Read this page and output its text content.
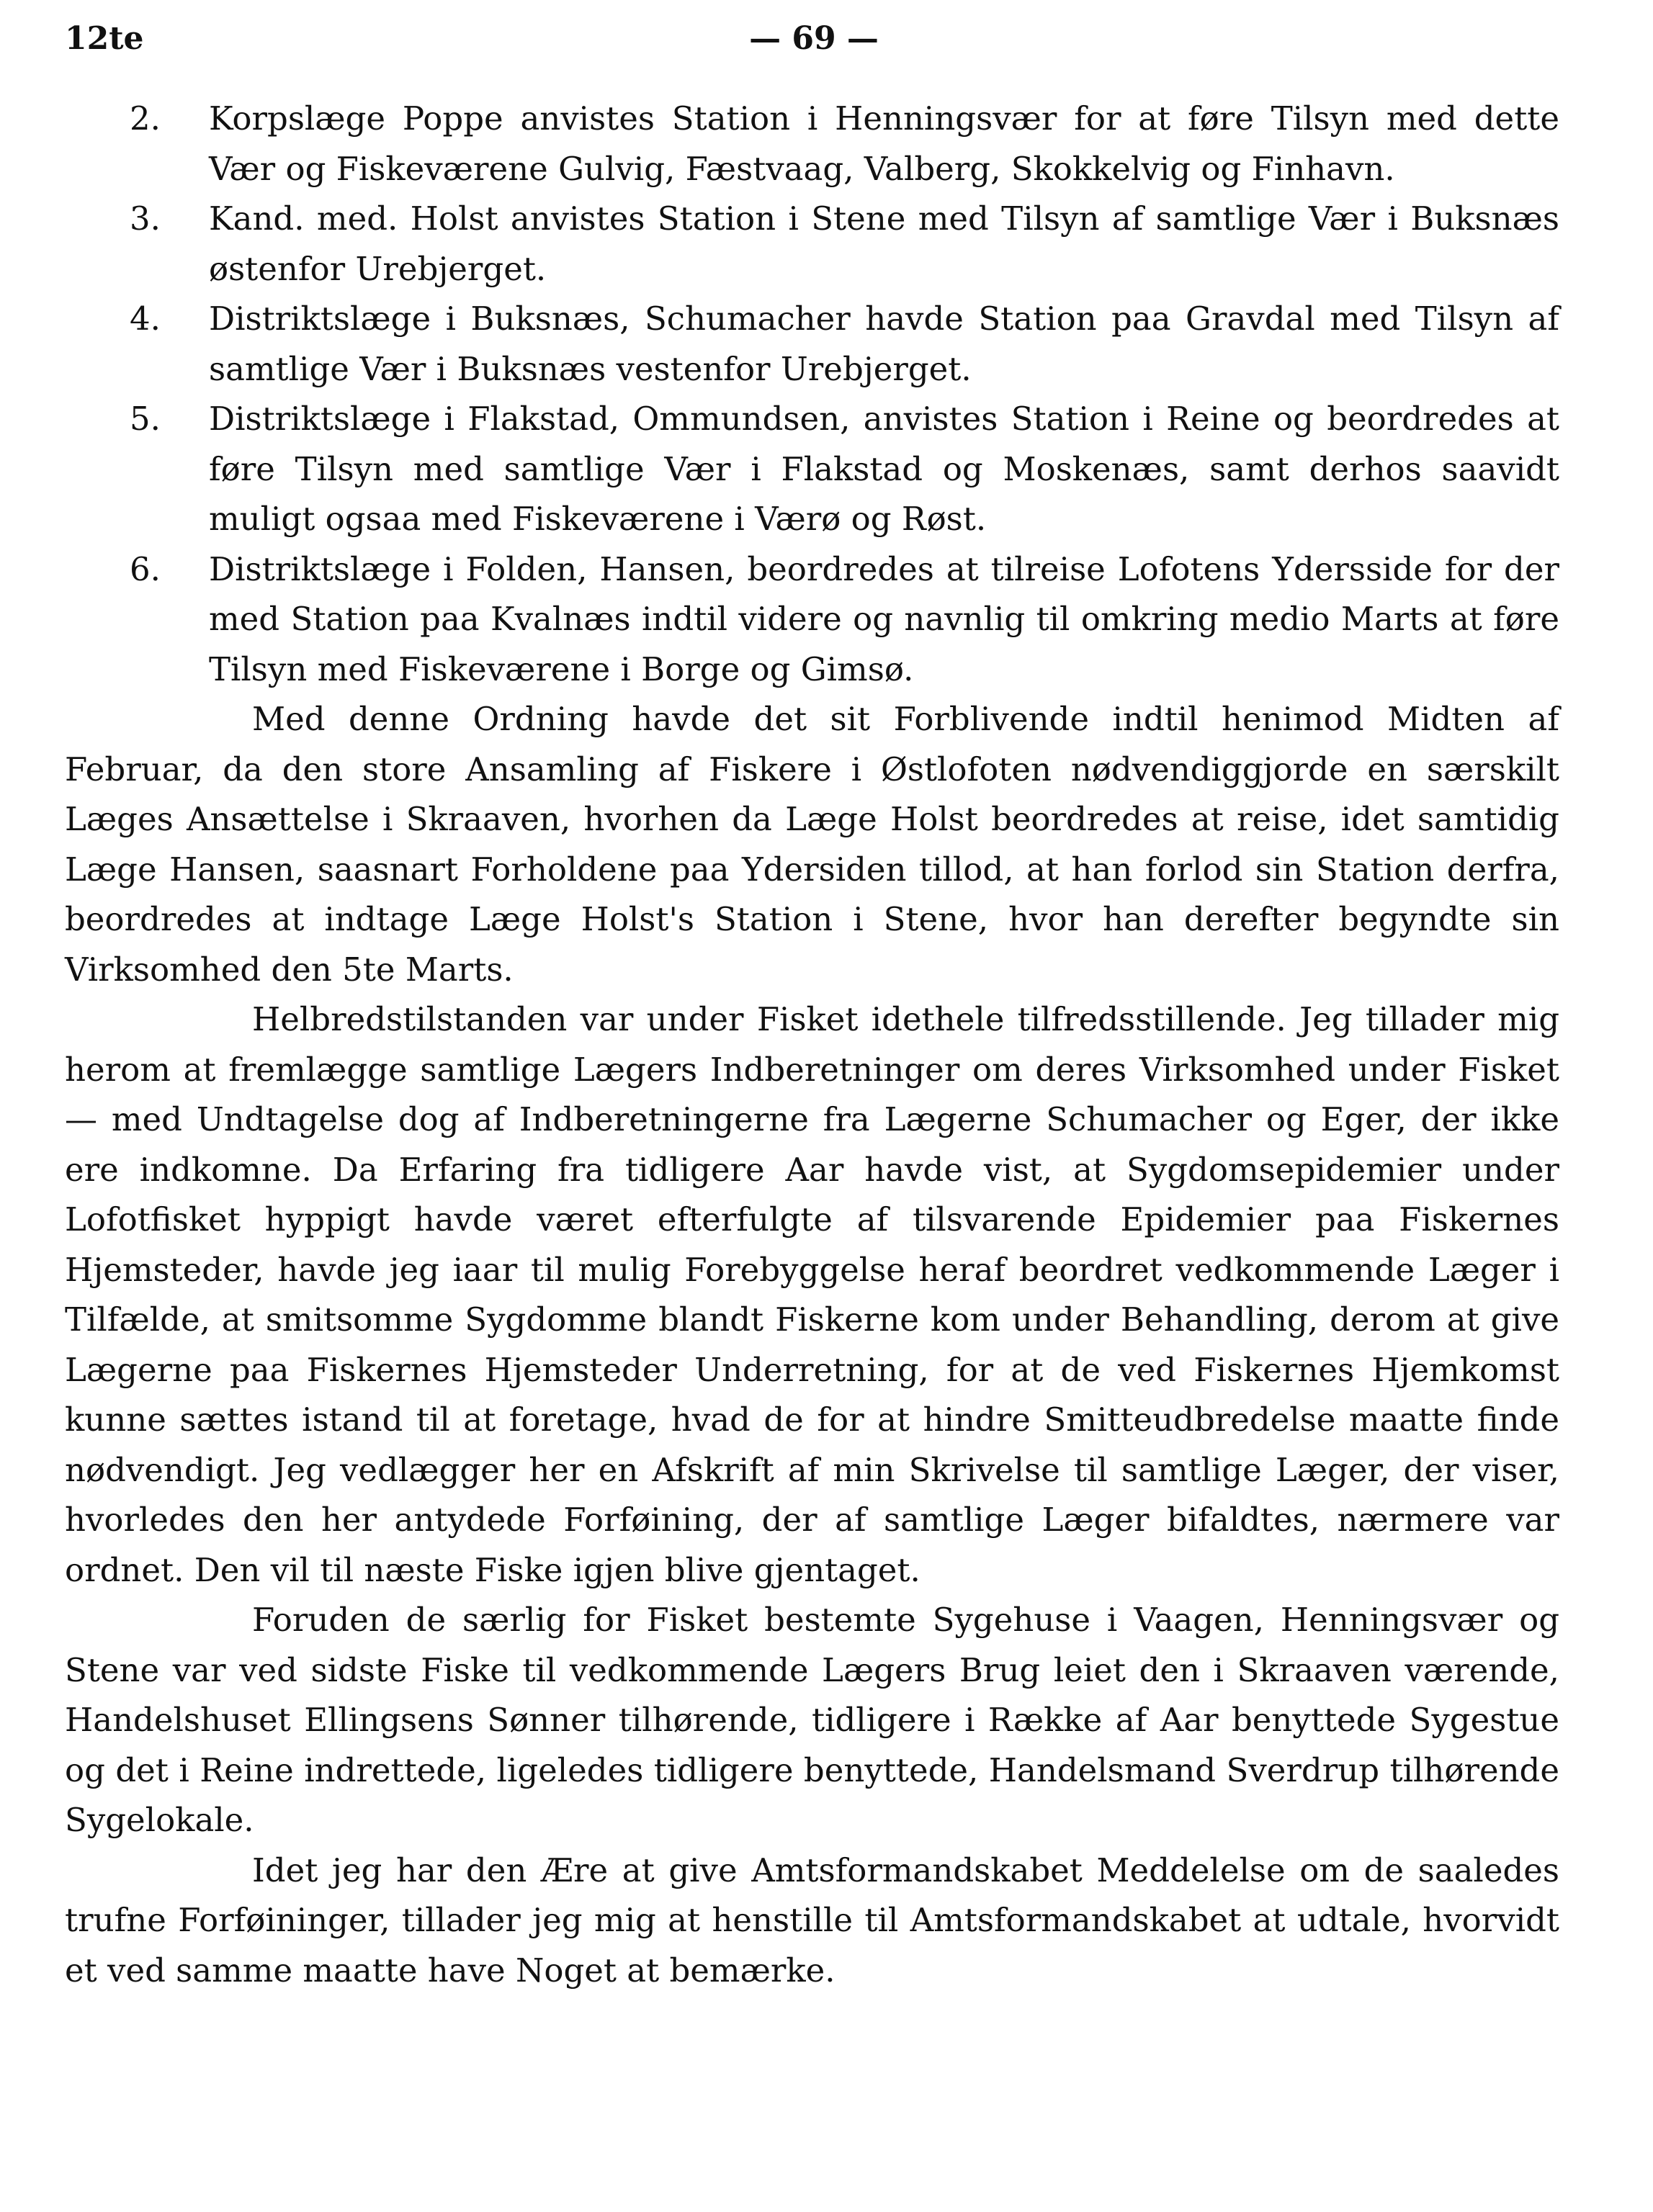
12te	— 69 —
2.	Korpslæge Poppe anvistes Station i Henningsvær for at føre Tilsyn med dette Vær og Fiskeværene Gulvig, Fæstvaag, Valberg, Skokkelvig og Finhavn.
3.	Kand. med. Holst anvistes Station i Stene med Tilsyn af samtlige Vær i Buksnæs østenfor Urebjerget.
4.	Distriktslæge i Buksnæs, Schumacher havde Station paa Gravdal med Tilsyn af samtlige Vær i Buksnæs vestenfor Urebjerget.
5.	Distriktslæge i Flakstad, Ommundsen, anvistes Station i Reine og beordredes at føre Tilsyn med samtlige Vær i Flakstad og Moskenæs, samt derhos saavidt muligt ogsaa med Fiskeværene i Værø og Røst.
6.	Distriktslæge i Folden, Hansen, beordredes at tilreise Lofotens Ydersside for der med Station paa Kvalnæs indtil videre og navnlig til omkring medio Marts at føre Tilsyn med Fiskeværene i Borge og Gimsø.

Med denne Ordning havde det sit Forblivende indtil henimod Midten af Februar, da den store Ansamling af Fiskere i Østlofoten nødvendiggjorde en særskilt Læges Ansættelse i Skraaven, hvorhen da Læge Holst beordredes at reise, idet samtidig Læge Hansen, saasnart Forholdene paa Ydersiden tillod, at han forlod sin Station derfra, beordredes at indtage Læge Holst's Station i Stene, hvor han derefter begyndte sin Virksomhed den 5te Marts.

Helbredstilstanden var under Fisket idethele tilfredsstillende. Jeg tillader mig herom at fremlægge samtlige Lægers Indberetninger om deres Virksomhed under Fisket — med Undtagelse dog af Indberetningerne fra Lægerne Schumacher og Eger, der ikke ere indkomne. Da Erfaring fra tidligere Aar havde vist, at Sygdomsepidemier under Lofotfisket hyppigt havde været efterfulgte af tilsvarende Epidemier paa Fiskernes Hjemsteder, havde jeg iaar til mulig Forebyggelse heraf beordret vedkommende Læger i Tilfælde, at smitsomme Sygdomme blandt Fiskerne kom under Behandling, derom at give Lægerne paa Fiskernes Hjemsteder Underretning, for at de ved Fiskernes Hjemkomst kunne sættes istand til at foretage, hvad de for at hindre Smitteudbredelse maatte finde nødvendigt. Jeg vedlægger her en Afskrift af min Skrivelse til samtlige Læger, der viser, hvorledes den her antydede Forføining, der af samtlige Læger bifaldtes, nærmere var ordnet. Den vil til næste Fiske igjen blive gjentaget.

Foruden de særlig for Fisket bestemte Sygehuse i Vaagen, Henningsvær og Stene var ved sidste Fiske til vedkommende Lægers Brug leiet den i Skraaven værende, Handelshuset Ellingsens Sønner tilhørende, tidligere i Række af Aar benyttede Sygestue og det i Reine indrettede, ligeledes tidligere benyttede, Handelsmand Sverdrup tilhørende Sygelokale.

Idet jeg har den Ære at give Amtsformandskabet Meddelelse om de saaledes trufne Forføininger, tillader jeg mig at henstille til Amtsformandskabet at udtale, hvorvidt et ved samme maatte have Noget at bemærke.
